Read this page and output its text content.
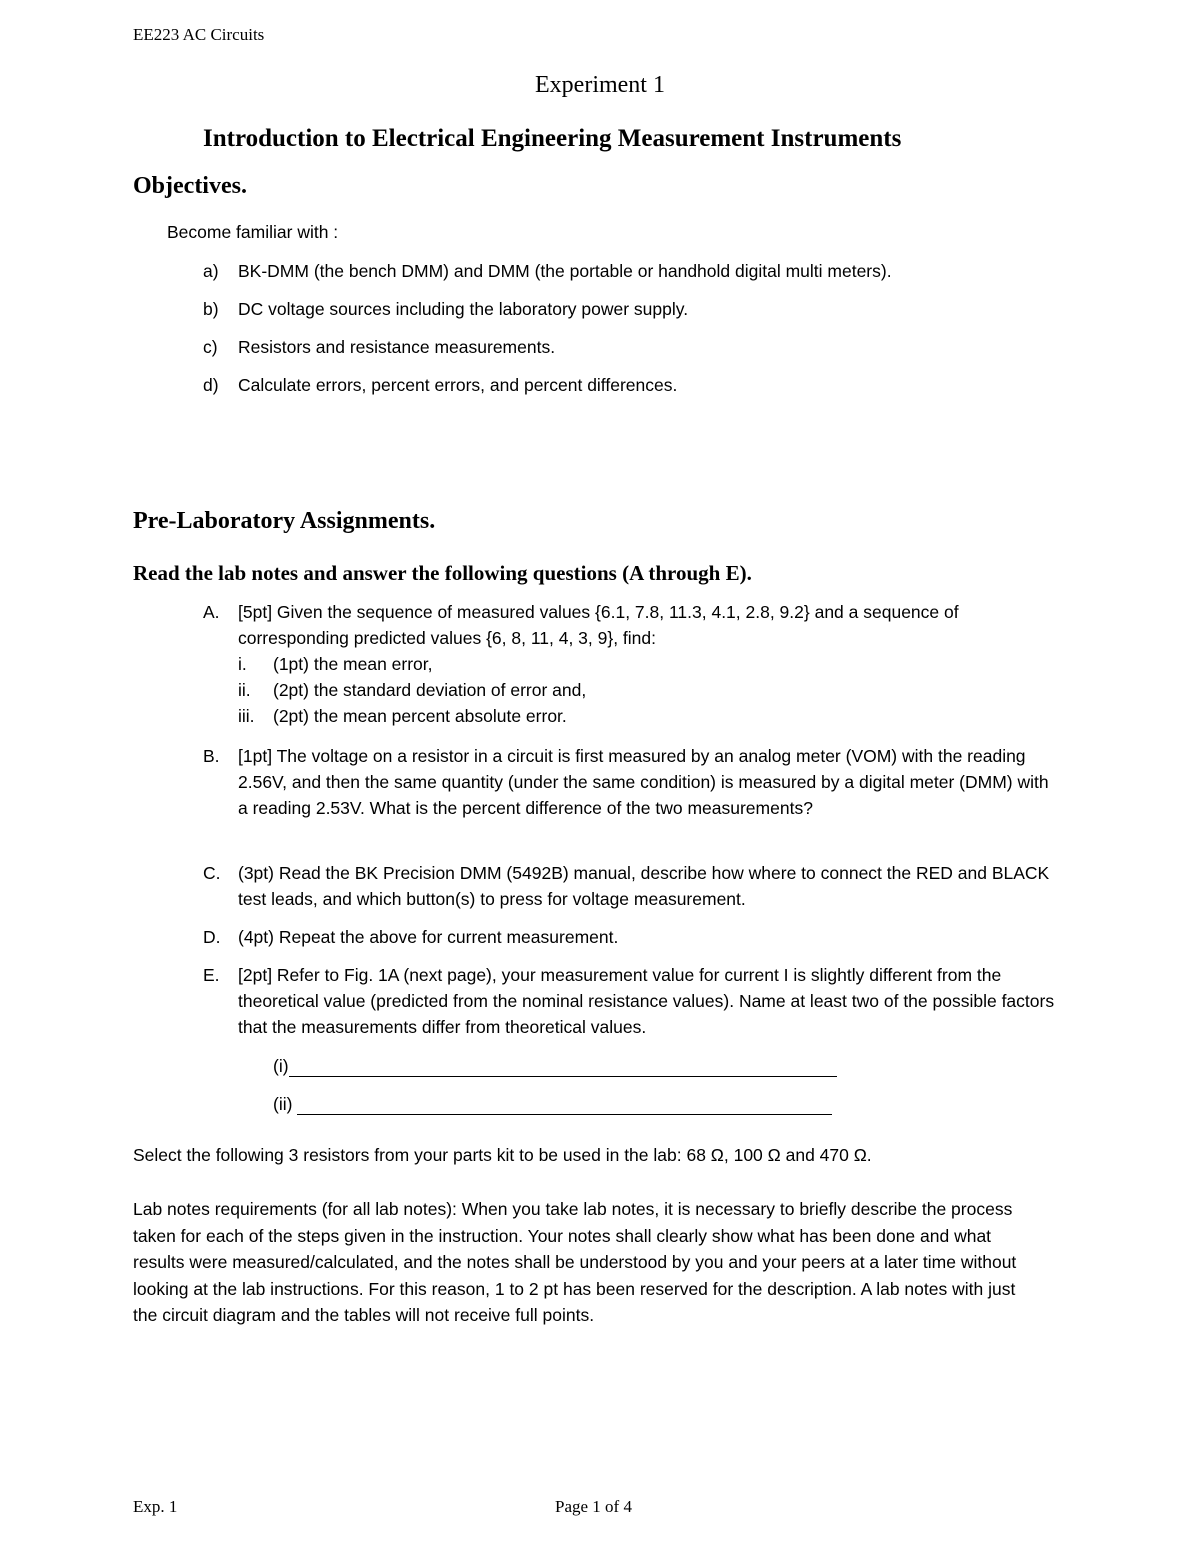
EE223 AC Circuits
Experiment 1
Introduction to Electrical Engineering Measurement Instruments
Objectives.
Become familiar with :
a) BK-DMM (the bench DMM) and DMM (the portable or handhold digital multi meters).
b) DC voltage sources including the laboratory power supply.
c) Resistors and resistance measurements.
d) Calculate errors, percent errors, and percent differences.
Pre-Laboratory Assignments.
Read the lab notes and answer the following questions (A through E).
A. [5pt] Given the sequence of measured values {6.1, 7.8, 11.3, 4.1, 2.8, 9.2} and a sequence of corresponding predicted values {6, 8, 11, 4, 3, 9}, find:
i. (1pt) the mean error,
ii. (2pt) the standard deviation of error and,
iii. (2pt) the mean percent absolute error.
B. [1pt] The voltage on a resistor in a circuit is first measured by an analog meter (VOM) with the reading 2.56V, and then the same quantity (under the same condition) is measured by a digital meter (DMM) with a reading 2.53V. What is the percent difference of the two measurements?
C. (3pt) Read the BK Precision DMM (5492B) manual, describe how where to connect the RED and BLACK test leads, and which button(s) to press for voltage measurement.
D. (4pt) Repeat the above for current measurement.
E. [2pt] Refer to Fig. 1A (next page), your measurement value for current I is slightly different from the theoretical value (predicted from the nominal resistance values). Name at least two of the possible factors that the measurements differ from theoretical values.
(i)
(ii)
Select the following 3 resistors from your parts kit to be used in the lab: 68 Ω, 100 Ω and 470 Ω.
Lab notes requirements (for all lab notes): When you take lab notes, it is necessary to briefly describe the process taken for each of the steps given in the instruction. Your notes shall clearly show what has been done and what results were measured/calculated, and the notes shall be understood by you and your peers at a later time without looking at the lab instructions. For this reason, 1 to 2 pt has been reserved for the description. A lab notes with just the circuit diagram and the tables will not receive full points.
Exp. 1	Page 1 of 4
